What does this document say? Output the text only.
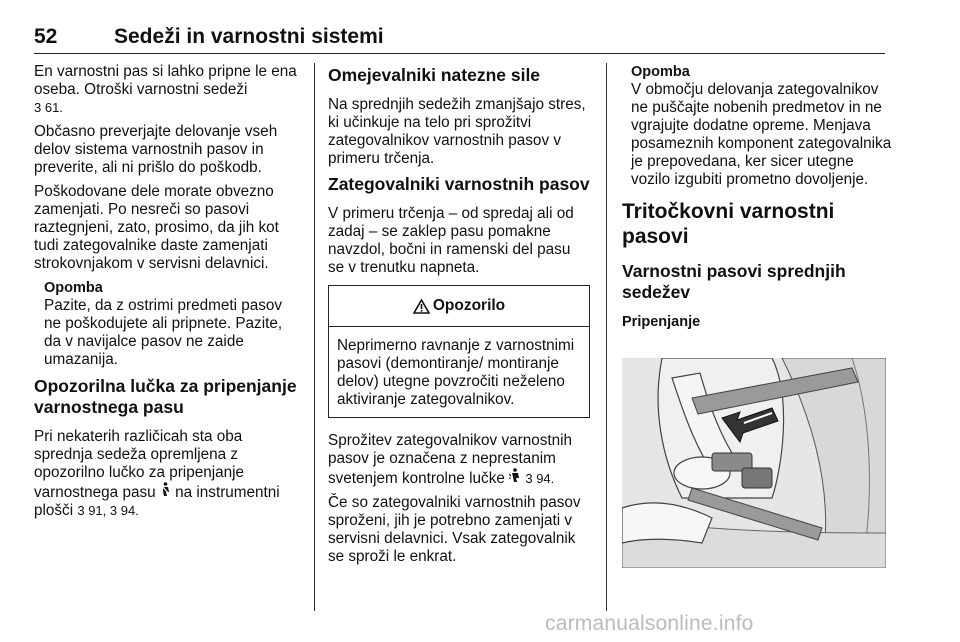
52	Sedeži in varnostni sistemi

En varnostni pas si lahko pripne le ena oseba. Otroški varnostni sedeži
3 61.

Občasno preverjajte delovanje vseh delov sistema varnostnih pasov in preverite, ali ni prišlo do poškodb.

Poškodovane dele morate obvezno zamenjati. Po nesreči so pasovi raztegnjeni, zato, prosimo, da jih kot tudi zategovalnike daste zamenjati strokovnjakom v servisni delavnici.

Opomba
Pazite, da z ostrimi predmeti pasov ne poškodujete ali pripnete. Pazite, da v navijalce pasov ne zaide umazanija.
Opozorilna lučka za pripenjanje varnostnega pasu

Pri nekaterih različicah sta oba sprednja sedeža opremljena z opozorilno lučko za pripenjanje varnostnega pasu na instrumentni plošči 3 91, 3 94.

Omejevalniki natezne sile

Na sprednjih sedežih zmanjšajo stres, ki učinkuje na telo pri sprožitvi zategovalnikov varnostnih pasov v primeru trčenja.

Zategovalniki varnostnih pasov

V primeru trčenja – od spredaj ali od zadaj – se zaklep pasu pomakne navzdol, bočni in ramenski del pasu se v trenutku napneta.

Opozorilo
Neprimerno ravnanje z varnostnimi pasovi (demontiranje/ montiranje delov) utegne povzročiti neželeno aktiviranje zategovalnikov.

Sprožitev zategovalnikov varnostnih pasov je označena z neprestanim svetenjem kontrolne lučke 3 94.

Če so zategovalniki varnostnih pasov sproženi, jih je potrebno zamenjati v servisni delavnici. Vsak zategovalnik se sproži le enkrat.

Opomba
V območju delovanja zategovalnikov ne puščajte nobenih predmetov in ne vgrajujte dodatne opreme. Menjava posameznih komponent zategovalnika je prepovedana, ker sicer utegne vozilo izgubiti prometno dovoljenje.
Tritočkovni varnostni pasovi
Varnostni pasovi sprednjih sedežev
Pripenjanje
carmanualsonline.info
